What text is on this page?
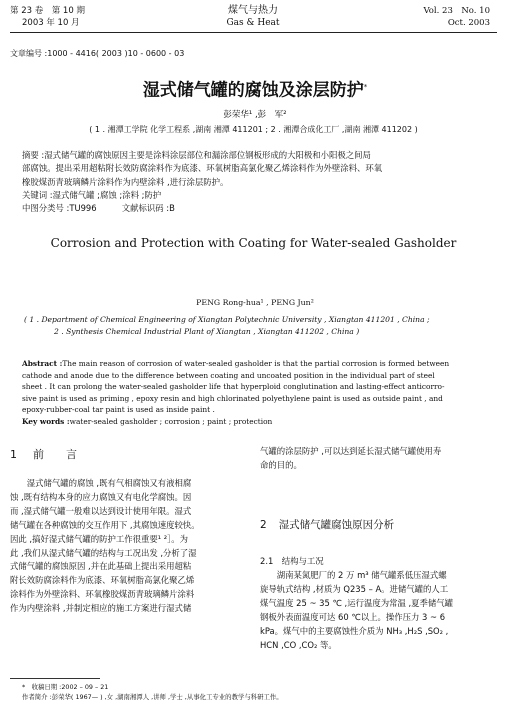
第 23 卷　第 10 期
2003 年 10 月
煤气与热力
Gas & Heat
Vol. 23　No. 10
Oct. 2003
文章编号 :1000 - 4416( 2003 )10 - 0600 - 03
湿式储气罐的腐蚀及涂层防护*
彭荣华¹ ,彭　军²
( 1 . 湘潭工学院 化学工程系 ,湖南 湘潭 411201 ; 2 . 湘潭合成化工厂 ,湖南 湘潭 411202 )
摘要 :湿式储气罐的腐蚀原因主要是涂料涂层部位和漏涂部位钢板形成的大阳极和小阳极之间局
部腐蚀。提出采用超粘附长效防腐涂料作为底漆、环氧树脂高氯化聚乙烯涂料作为外壁涂料、环氧
橡胶煤沥青玻璃鳞片涂料作为内壁涂料 ,进行涂层防护。
关键词 :湿式储气罐 ;腐蚀 ;涂料 ;防护
中图分类号 :TU996　　　文献标识码 :B
Corrosion and Protection with Coating for Water-sealed Gasholder
PENG Rong-hua¹ , PENG Jun²
( 1 . Department of Chemical Engineering of Xiangtan Polytechnic University , Xiangtan 411201 , China ;
2 . Synthesis Chemical Industrial Plant of Xiangtan , Xiangtan 411202 , China )
Abstract :The main reason of corrosion of water-sealed gasholder is that the partial corrosion is formed between
cathode and anode due to the difference between coating and uncoated position in the individual part of steel
sheet . It can prolong the water-sealed gasholder life that hyperploid conglutination and lasting-effect anticorro-
sive paint is used as priming , epoxy resin and high chlorinated polyethylene paint is used as outside paint , and
epoxy-rubber-coal tar paint is used as inside paint .
Key words :water-sealed gasholder ; corrosion ; paint ; protection
1 前　　言
　　湿式储气罐的腐蚀 ,既有气相腐蚀又有液相腐
蚀 ,既有结构本身的应力腐蚀又有电化学腐蚀。因
而 ,湿式储气罐一般难以达到设计使用年限。湿式
储气罐在各种腐蚀的交互作用下 ,其腐蚀速度较快。
因此 ,搞好湿式储气罐的防护工作很重要¹ ²］。为
此 ,我们从湿式储气罐的结构与工况出发 ,分析了湿
式储气罐的腐蚀原因 ,并在此基础上提出采用超粘
附长效防腐涂料作为底漆、环氧树脂高氯化聚乙烯
涂料作为外壁涂料、环氧橡胶煤沥青玻璃鳞片涂料
作为内壁涂料 ,并制定相应的施工方案进行湿式储
气罐的涂层防护 ,可以达到延长湿式储气罐使用寿
命的目的。
2 湿式储气罐腐蚀原因分析
2.1　结构与工况
　　湖南某氮肥厂的 2 万 m³ 储气罐系低压湿式螺
旋导轨式结构 ,材质为 Q235 – A。进储气罐的人工
煤气温度 25 ~ 35 ℃ ,运行温度为常温 ,夏季储气罐
钢板外表面温度可达 60 ℃以上。操作压力 3 ~ 6
kPa。煤气中的主要腐蚀性介质为 NH₃ ,H₂S ,SO₂ ,
HCN ,CO ,CO₂ 等。
*　收稿日期 :2002 – 09 – 21
作者简介 :彭荣华( 1967— ) ,女 ,湖南湘潭人 ,讲师 ,学士 ,从事化工专业的教学与科研工作。
